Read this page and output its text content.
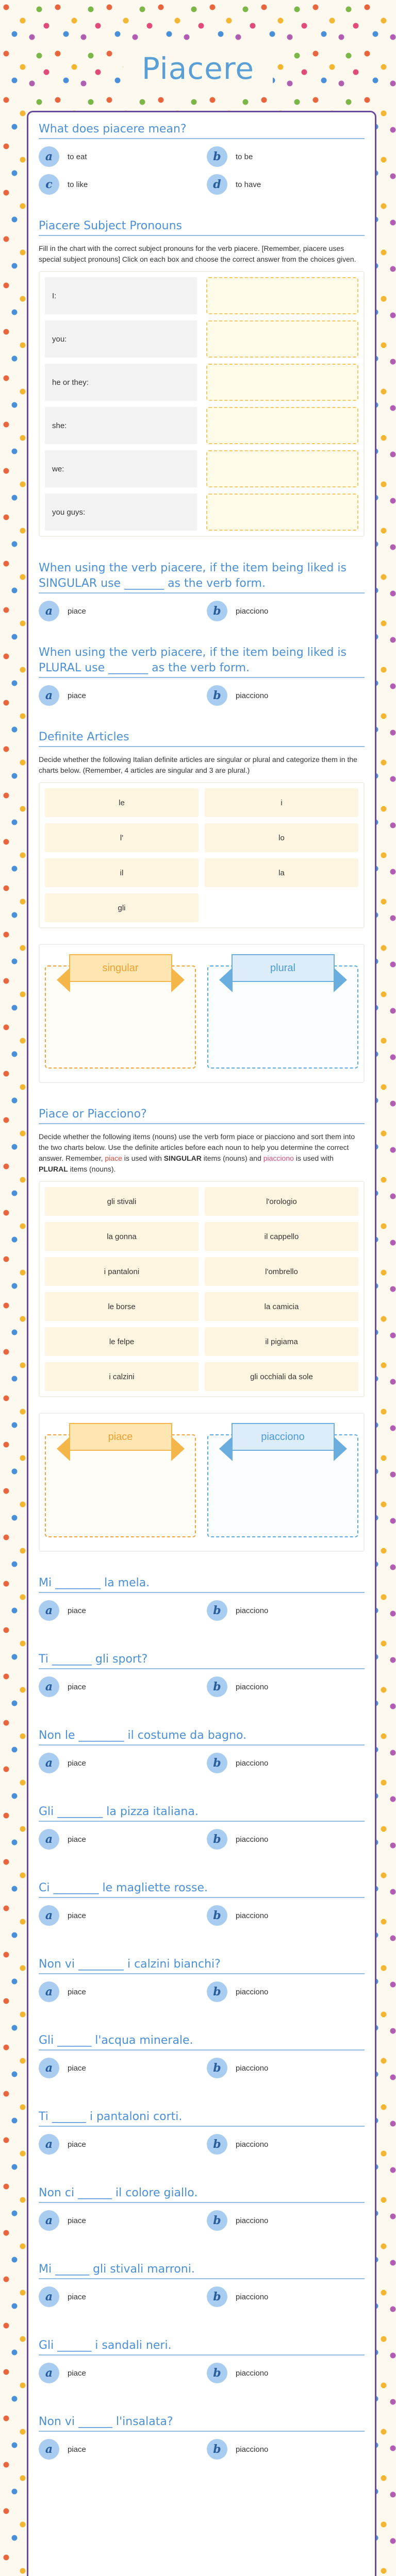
Piacere
What does piacere mean?
a	to eat	b	to be
c	to like	d	to have
Piacere Subject Pronouns
Fill in the chart with the correct subject pronouns for the verb piacere. [Remember, piacere uses special subject pronouns] Click on each box and choose the correct answer from the choices given.
I:
you:
he or they:
she:
we:
you guys:
When using the verb piacere, if the item being liked is SINGULAR use _______ as the verb form.
a	piace	b	piacciono
When using the verb piacere, if the item being liked is PLURAL use _______ as the verb form.
a	piace	b	piacciono
Definite Articles
Decide whether the following Italian definite articles are singular or plural and categorize them in the charts below. (Remember, 4 articles are singular and 3 are plural.)
le	i
l'	lo
il	la
gli
singular	plural
Piace or Piacciono?
Decide whether the following items (nouns) use the verb form piace or piacciono and sort them into the two charts below. Use the definite articles before each noun to help you determine the correct answer. Remember, piace is used with SINGULAR items (nouns) and piacciono is used with PLURAL items (nouns).
gli stivali	l'orologio
la gonna	il cappello
i pantaloni	l'ombrello
le borse	la camicia
le felpe	il pigiama
i calzini	gli occhiali da sole
piace	piacciono
Mi ________ la mela.
a	piace	b	piacciono
Ti _______ gli sport?
a	piace	b	piacciono
Non le ________ il costume da bagno.
a	piace	b	piacciono
Gli ________ la pizza italiana.
a	piace	b	piacciono
Ci ________ le magliette rosse.
a	piace	b	piacciono
Non vi ________ i calzini bianchi?
a	piace	b	piacciono
Gli ______ l'acqua minerale.
a	piace	b	piacciono
Ti ______ i pantaloni corti.
a	piace	b	piacciono
Non ci ______ il colore giallo.
a	piace	b	piacciono
Mi ______ gli stivali marroni.
a	piace	b	piacciono
Gli ______ i sandali neri.
a	piace	b	piacciono
Non vi ______ l'insalata?
a	piace	b	piacciono
